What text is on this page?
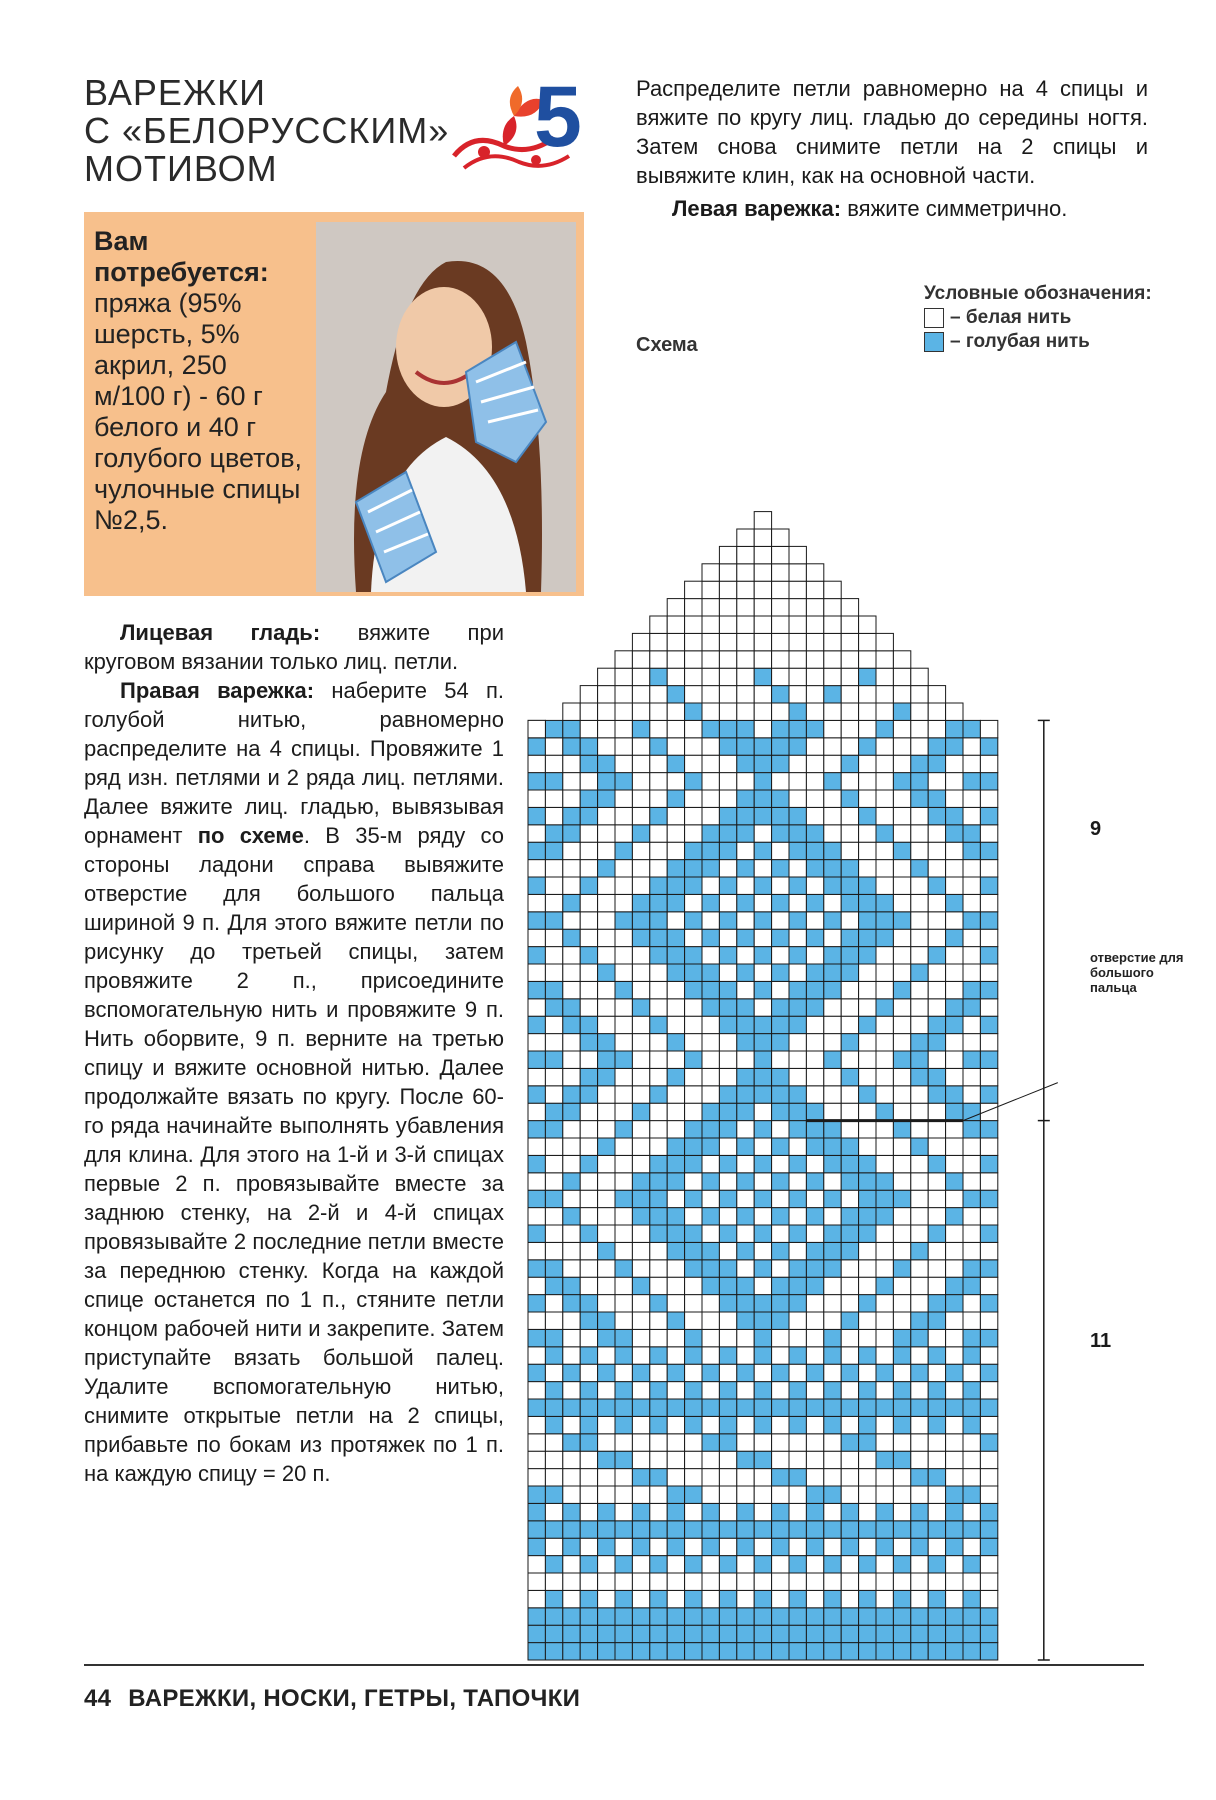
ВАРЕЖКИ
С «БЕЛОРУССКИМ»
МОТИВОМ
5
Вам потребуется:
пряжа (95% шерсть, 5% акрил, 250 м/100 г) - 60 г белого и 40 г голубого цветов, чулочные спицы №2,5.

Лицевая гладь: вяжите при круговом вязании только лиц. петли.

Правая варежка: наберите 54 п. голубой нитью, равномерно распределите на 4 спицы. Провяжите 1 ряд изн. петлями и 2 ряда лиц. петлями. Далее вяжите лиц. гладью, вывязывая орнамент по схеме. В 35-м ряду со стороны ладони справа вывяжите отверстие для большого пальца шириной 9 п. Для этого вяжите петли по рисунку до третьей спицы, затем провяжите 2 п., присоедините вспомогательную нить и провяжите 9 п. Нить оборвите, 9 п. верните на третью спицу и вяжите основной нитью. Далее продолжайте вязать по кругу. После 60-го ряда начинайте выполнять убавления для клина. Для этого на 1-й и 3-й спицах первые 2 п. провязывайте вместе за заднюю стенку, на 2-й и 4-й спицах провязывайте 2 последние петли вместе за переднюю стенку. Когда на каждой спице останется по 1 п., стяните петли концом рабочей нити и закрепите. Затем приступайте вязать большой палец. Удалите вспомогательную нитью, снимите открытые петли на 2 спицы, прибавьте по бокам из протяжек по 1 п. на каждую спицу = 20 п.

Распределите петли равномерно на 4 спицы и вяжите по кругу лиц. гладью до середины ногтя. Затем снова снимите петли на 2 спицы и вывяжите клин, как на основной части.

Левая варежка: вяжите симметрично.

Схема
Условные обозначения:
– белая нить
– голубая нить
9
11
отверстие для большого пальца
44 ВАРЕЖКИ, НОСКИ, ГЕТРЫ, ТАПОЧКИ
